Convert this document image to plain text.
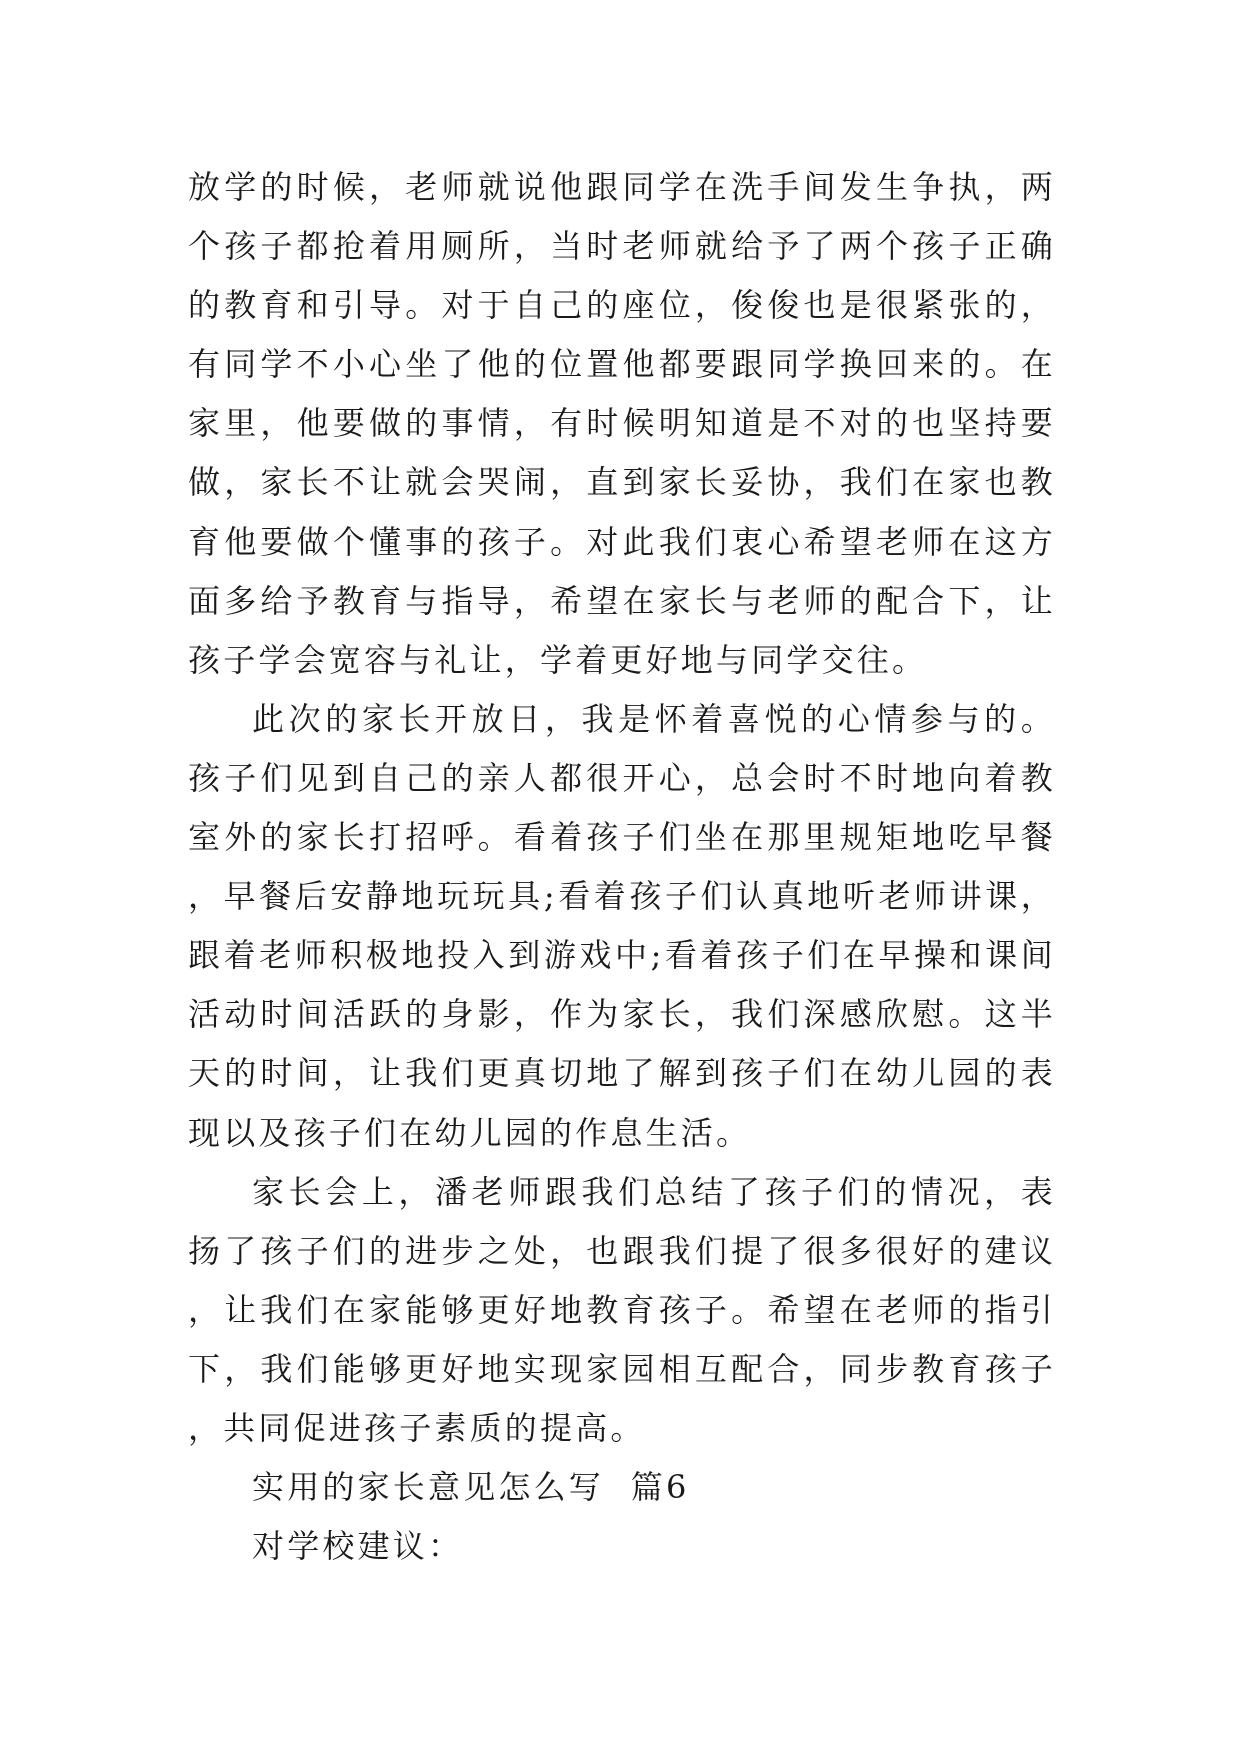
放学的时候，老师就说他跟同学在洗手间发生争执，两个孩子都抢着用厕所，当时老师就给予了两个孩子正确的教育和引导。对于自己的座位，俊俊也是很紧张的，有同学不小心坐了他的位置他都要跟同学换回来的。在家里，他要做的事情，有时候明知道是不对的也坚持要做，家长不让就会哭闹，直到家长妥协，我们在家也教育他要做个懂事的孩子。对此我们衷心希望老师在这方面多给予教育与指导，希望在家长与老师的配合下，让孩子学会宽容与礼让，学着更好地与同学交往。

此次的家长开放日，我是怀着喜悦的心情参与的。孩子们见到自己的亲人都很开心，总会时不时地向着教室外的家长打招呼。看着孩子们坐在那里规矩地吃早餐，早餐后安静地玩玩具;看着孩子们认真地听老师讲课，跟着老师积极地投入到游戏中;看着孩子们在早操和课间活动时间活跃的身影，作为家长，我们深感欣慰。这半天的时间，让我们更真切地了解到孩子们在幼儿园的表现以及孩子们在幼儿园的作息生活。

家长会上，潘老师跟我们总结了孩子们的情况，表扬了孩子们的进步之处，也跟我们提了很多很好的建议，让我们在家能够更好地教育孩子。希望在老师的指引下，我们能够更好地实现家园相互配合，同步教育孩子，共同促进孩子素质的提高。

实用的家长意见怎么写  篇6

对学校建议：
